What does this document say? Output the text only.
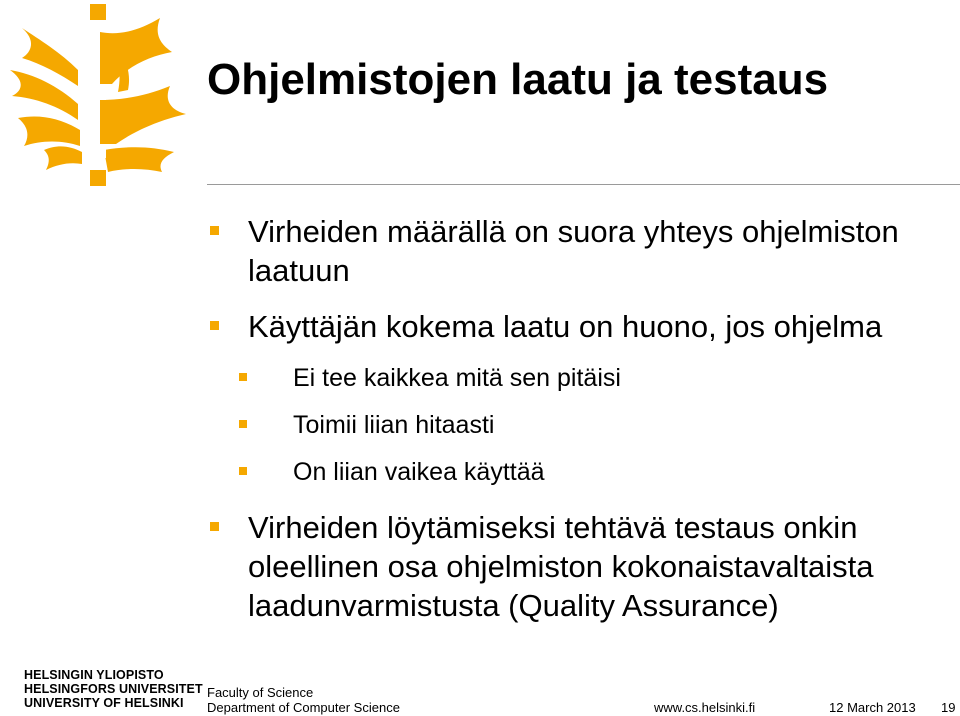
Ohjelmistojen laatu ja testaus
Virheiden määrällä on suora yhteys ohjelmiston laatuun
Käyttäjän kokema laatu on huono, jos ohjelma
Ei tee kaikkea mitä sen pitäisi
Toimii liian hitaasti
On liian vaikea käyttää
Virheiden löytämiseksi tehtävä testaus onkin oleellinen osa ohjelmiston kokonaistavaltaista laadunvarmistusta (Quality Assurance)
HELSINGIN YLIOPISTO
HELSINGFORS UNIVERSITET
UNIVERSITY OF HELSINKI
Faculty of Science
Department of Computer Science	www.cs.helsinki.fi	12 March 2013 19
